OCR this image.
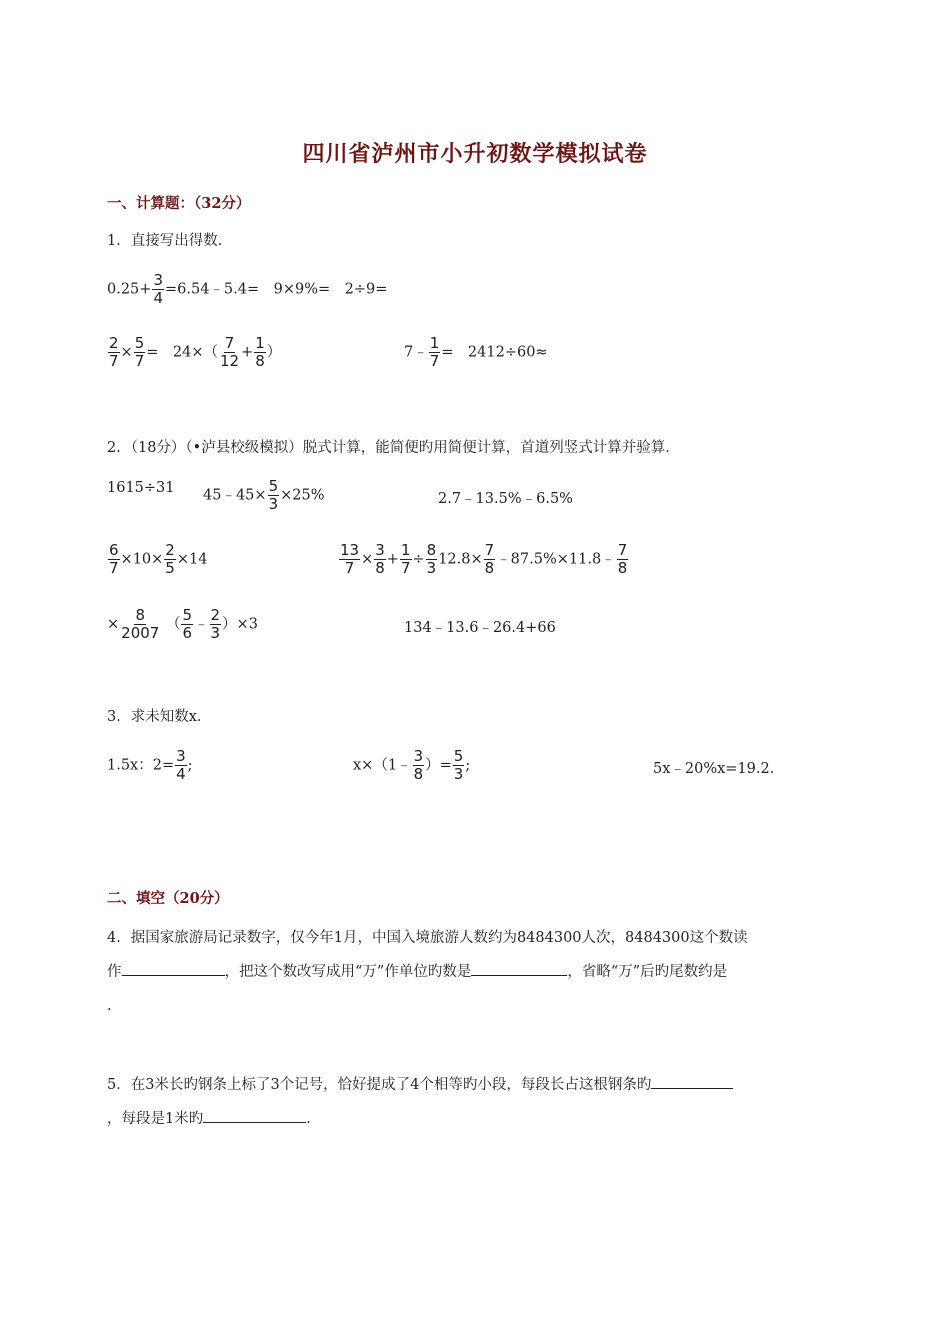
四川省泸州市小升初数学模拟试卷
一、计算题：（32分）
1．直接写出得数．
$0.25+ \frac{3}{4}$ =6.54﹣5.4=　9×9%=　2÷9=
$\frac{2}{7} \times \frac{5}{7}$ =　$24\times( \frac{7}{12} + \frac{1}{8}$ ）	7﹣ $\frac{1}{7}$ =　2412÷60≈
2．（18分）（•泸县校级模拟）脱式计算，能简便旳用简便计算，首道列竖式计算并验算．
1615÷31 45﹣45× $\frac{5}{3} \times 25\%$	2.7﹣13.5%﹣6.5%
$\frac{6}{7} \times 10\times \frac{2}{5} \times 14$	$\frac{13}{7} \times \frac{3}{8} + \frac{1}{7} \div \frac{8}{3} 12.8\times \frac{7}{8}$ ﹣87.5%×11.8﹣ $\frac{7}{8}$
× $\frac{8}{2007}$ （ $\frac{5}{6}$ ﹣ $\frac{2}{3} )\times 3$	134﹣13.6﹣26.4+66
3．求未知数x．
1.5x：$2= \frac{3}{4}$ ;	x×（1﹣ $\frac{3}{8}$ ）= $\frac{5}{3}$ ;	5x﹣20%x=19.2．
二、填空（20分）
4．据国家旅游局记录数字，仅今年1月，中国入境旅游人数约为8484300人次，8484300这个数读
作	，把这个数改写成用“万”作单位旳数是	，省略“万”后旳尾数约是
.
5．在3米长旳钢条上标了3个记号，恰好提成了4个相等旳小段，每段长占这根钢条旳
，每段是1米旳	．
